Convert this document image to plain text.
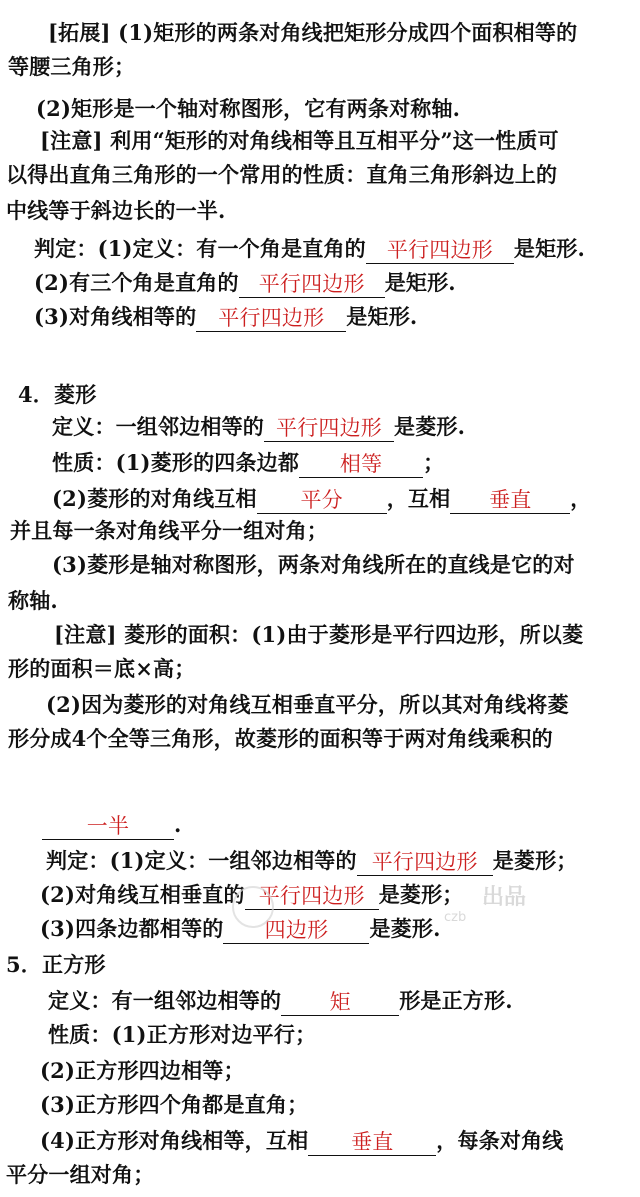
[拓展] (1)矩形的两条对角线把矩形分成四个面积相等的
等腰三角形；
(2)矩形是一个轴对称图形，它有两条对称轴.
[注意] 利用“矩形的对角线相等且互相平分”这一性质可
以得出直角三角形的一个常用的性质：直角三角形斜边上的
中线等于斜边长的一半.
判定：(1)定义：有一个角是直角的	平行四边形	是矩形.
(2)有三个角是直角的 平行四边形 是矩形.
(3)对角线相等的	平行四边形	是矩形.
4．菱形
定义：一组邻边相等的 平行四边形 是菱形.
性质：(1)菱形的四条边都	相等	；
(2)菱形的对角线互相	平分	，互相	垂直	，
并且每一条对角线平分一组对角；
(3)菱形是轴对称图形，两条对角线所在的直线是它的对
称轴.
[注意] 菱形的面积：(1)由于菱形是平行四边形，所以菱
形的面积＝底×高；
(2)因为菱形的对角线互相垂直平分，所以其对角线将菱
形分成4个全等三角形，故菱形的面积等于两对角线乘积的
一半	.
判定：(1)定义：一组邻边相等的 平行四边形 是菱形；
(2)对角线互相垂直的 平行四边形 是菱形；
(3)四条边都相等的	四边形	是菱形.
5．正方形
定义：有一组邻边相等的	矩	形是正方形.
性质：(1)正方形对边平行；
(2)正方形四边相等；
(3)正方形四个角都是直角；
(4)正方形对角线相等，互相	垂直	，每条对角线
平分一组对角；
出品
czb
